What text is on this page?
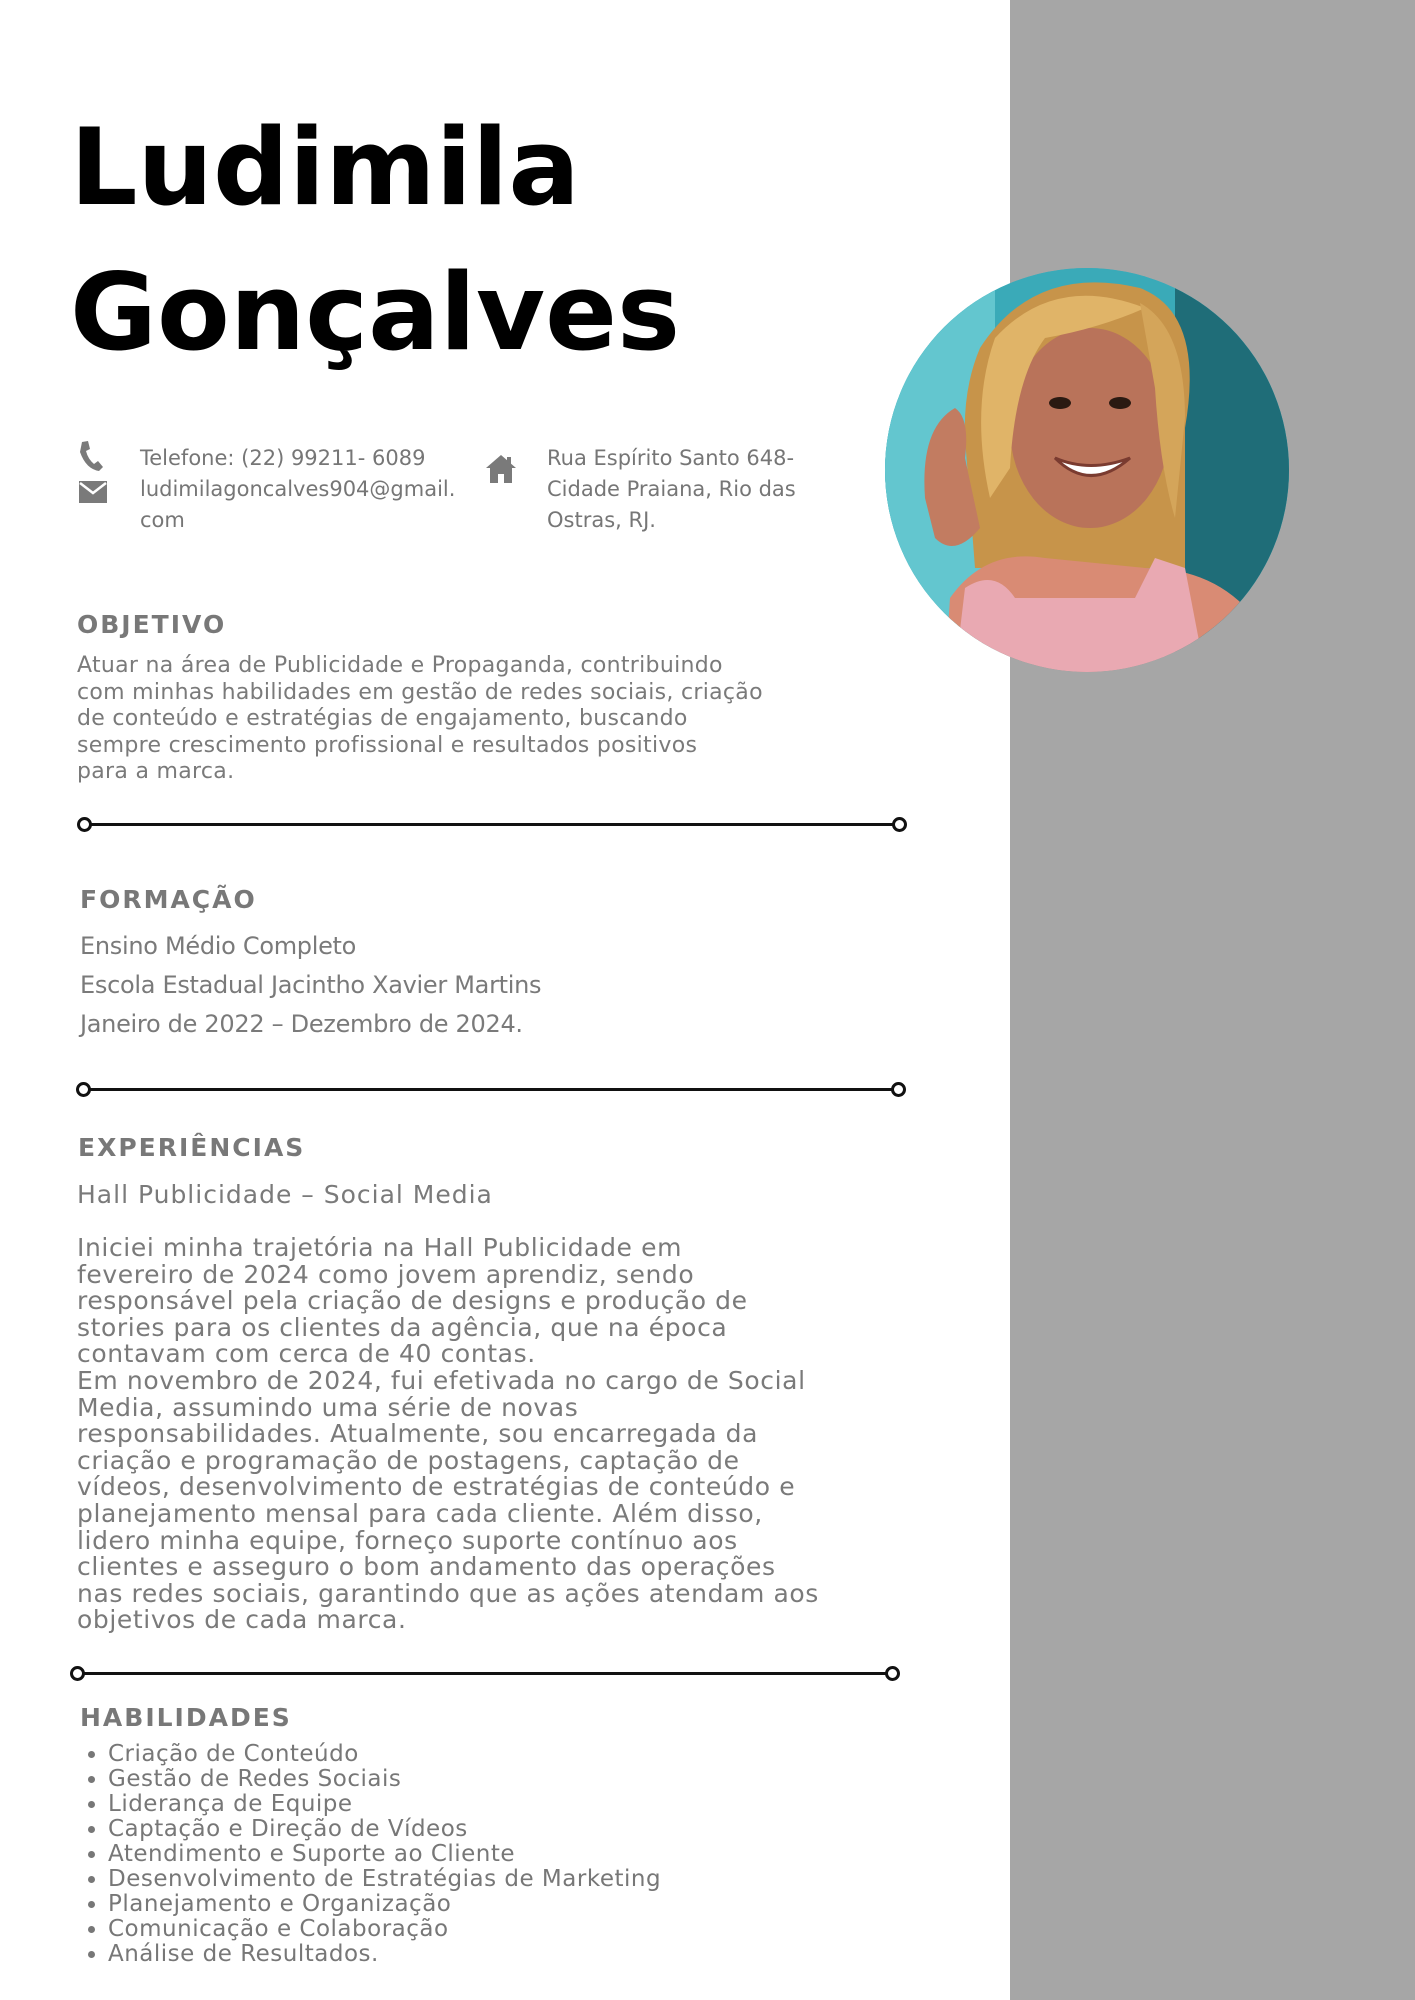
Ludimila
Gonçalves
Telefone: (22) 99211- 6089
ludimilagoncalves904@gmail.
com
Rua Espírito Santo 648-
Cidade Praiana, Rio das
Ostras, RJ.
OBJETIVO
Atuar na área de Publicidade e Propaganda, contribuindo
com minhas habilidades em gestão de redes sociais, criação
de conteúdo e estratégias de engajamento, buscando
sempre crescimento profissional e resultados positivos
para a marca.
FORMAÇÃO
Ensino Médio Completo
Escola Estadual Jacintho Xavier Martins
Janeiro de 2022 – Dezembro de 2024.
EXPERIÊNCIAS
Hall Publicidade – Social Media
Iniciei minha trajetória na Hall Publicidade em
fevereiro de 2024 como jovem aprendiz, sendo
responsável pela criação de designs e produção de
stories para os clientes da agência, que na época
contavam com cerca de 40 contas.
Em novembro de 2024, fui efetivada no cargo de Social
Media, assumindo uma série de novas
responsabilidades. Atualmente, sou encarregada da
criação e programação de postagens, captação de
vídeos, desenvolvimento de estratégias de conteúdo e
planejamento mensal para cada cliente. Além disso,
lidero minha equipe, forneço suporte contínuo aos
clientes e asseguro o bom andamento das operações
nas redes sociais, garantindo que as ações atendam aos
objetivos de cada marca.
HABILIDADES
• Criação de Conteúdo
• Gestão de Redes Sociais
• Liderança de Equipe
• Captação e Direção de Vídeos
• Atendimento e Suporte ao Cliente
• Desenvolvimento de Estratégias de Marketing
• Planejamento e Organização
• Comunicação e Colaboração
• Análise de Resultados.
